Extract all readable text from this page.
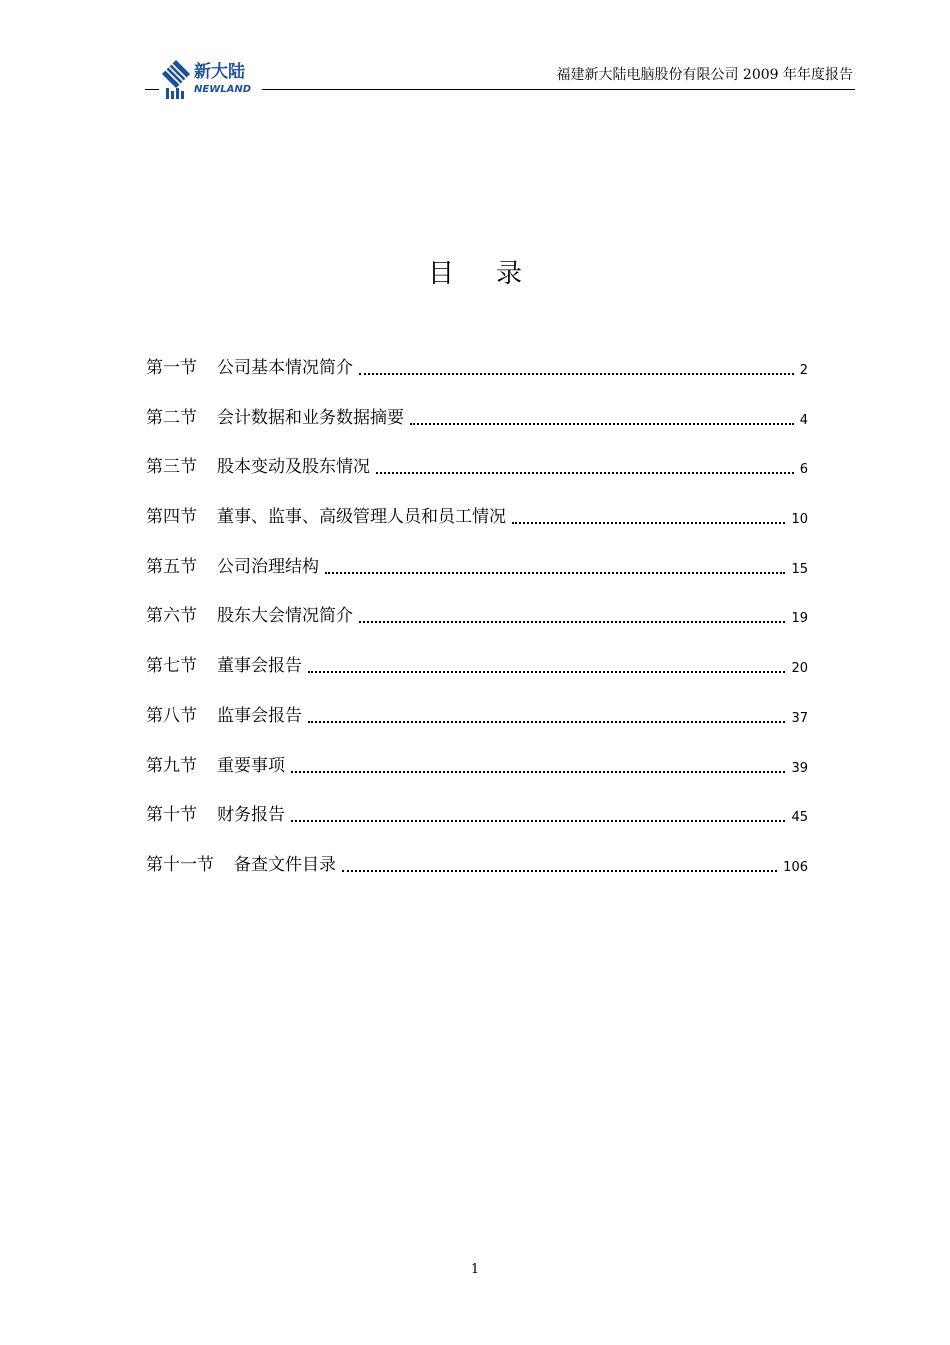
新大陆
NEWLAND
福建新大陆电脑股份有限公司 2009 年年度报告
目 录
第一节 公司基本情况简介	2
第二节 会计数据和业务数据摘要	4
第三节 股本变动及股东情况	6
第四节 董事、监事、高级管理人员和员工情况	10
第五节 公司治理结构	15
第六节 股东大会情况简介	19
第七节 董事会报告	20
第八节 监事会报告	37
第九节 重要事项	39
第十节 财务报告	45
第十一节 备查文件目录	106
1
